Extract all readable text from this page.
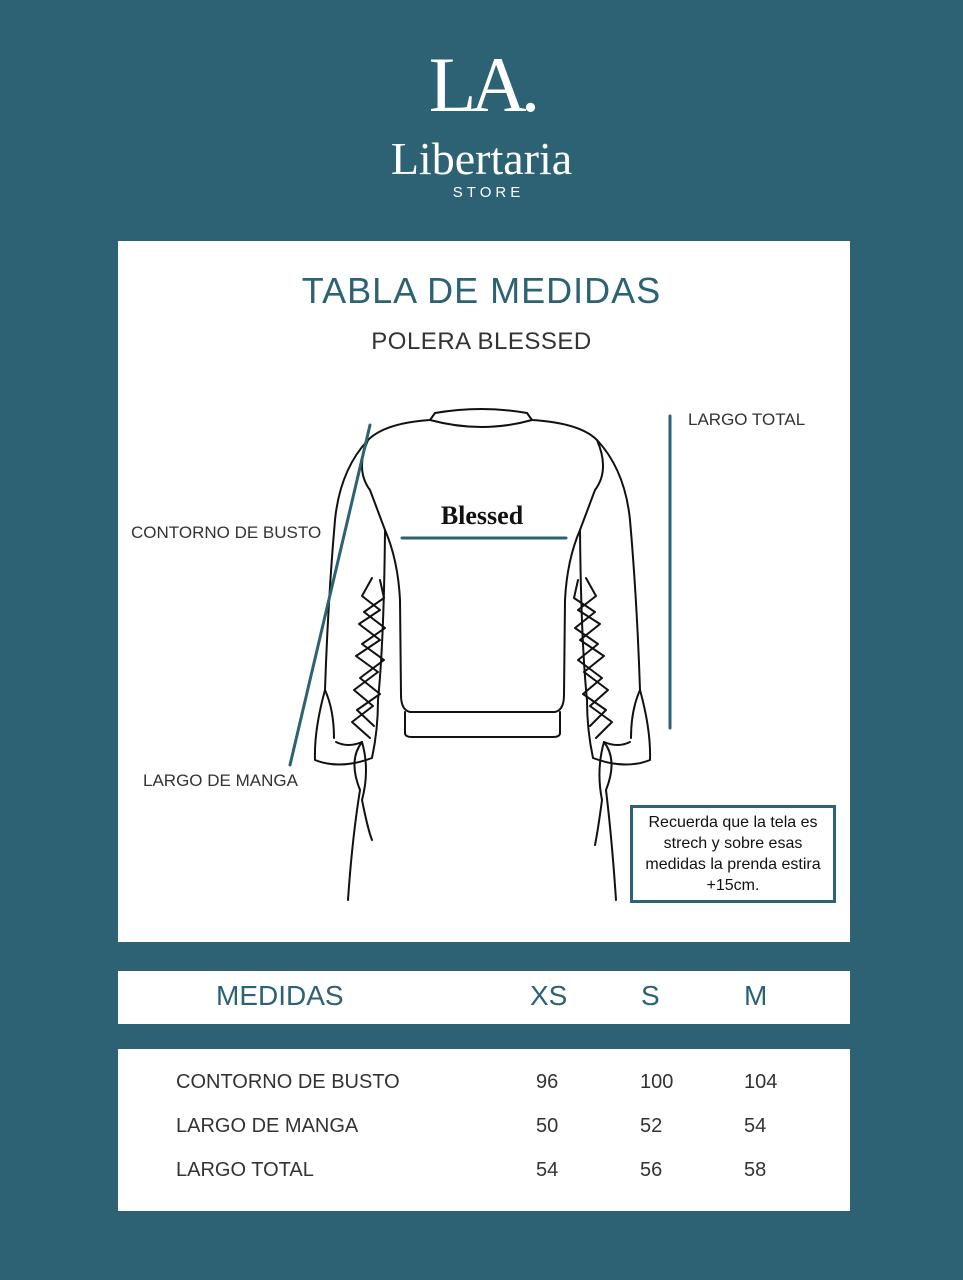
LA.
Libertaria
STORE
TABLA DE MEDIDAS
POLERA BLESSED
Blessed
LARGO TOTAL
CONTORNO DE BUSTO
LARGO DE MANGA
Recuerda que la tela es strech y sobre esas medidas la prenda estira +15cm.
MEDIDAS	XS	S	M
CONTORNO DE BUSTO	96	100	104
LARGO DE MANGA	50	52	54
LARGO TOTAL	54	56	58
